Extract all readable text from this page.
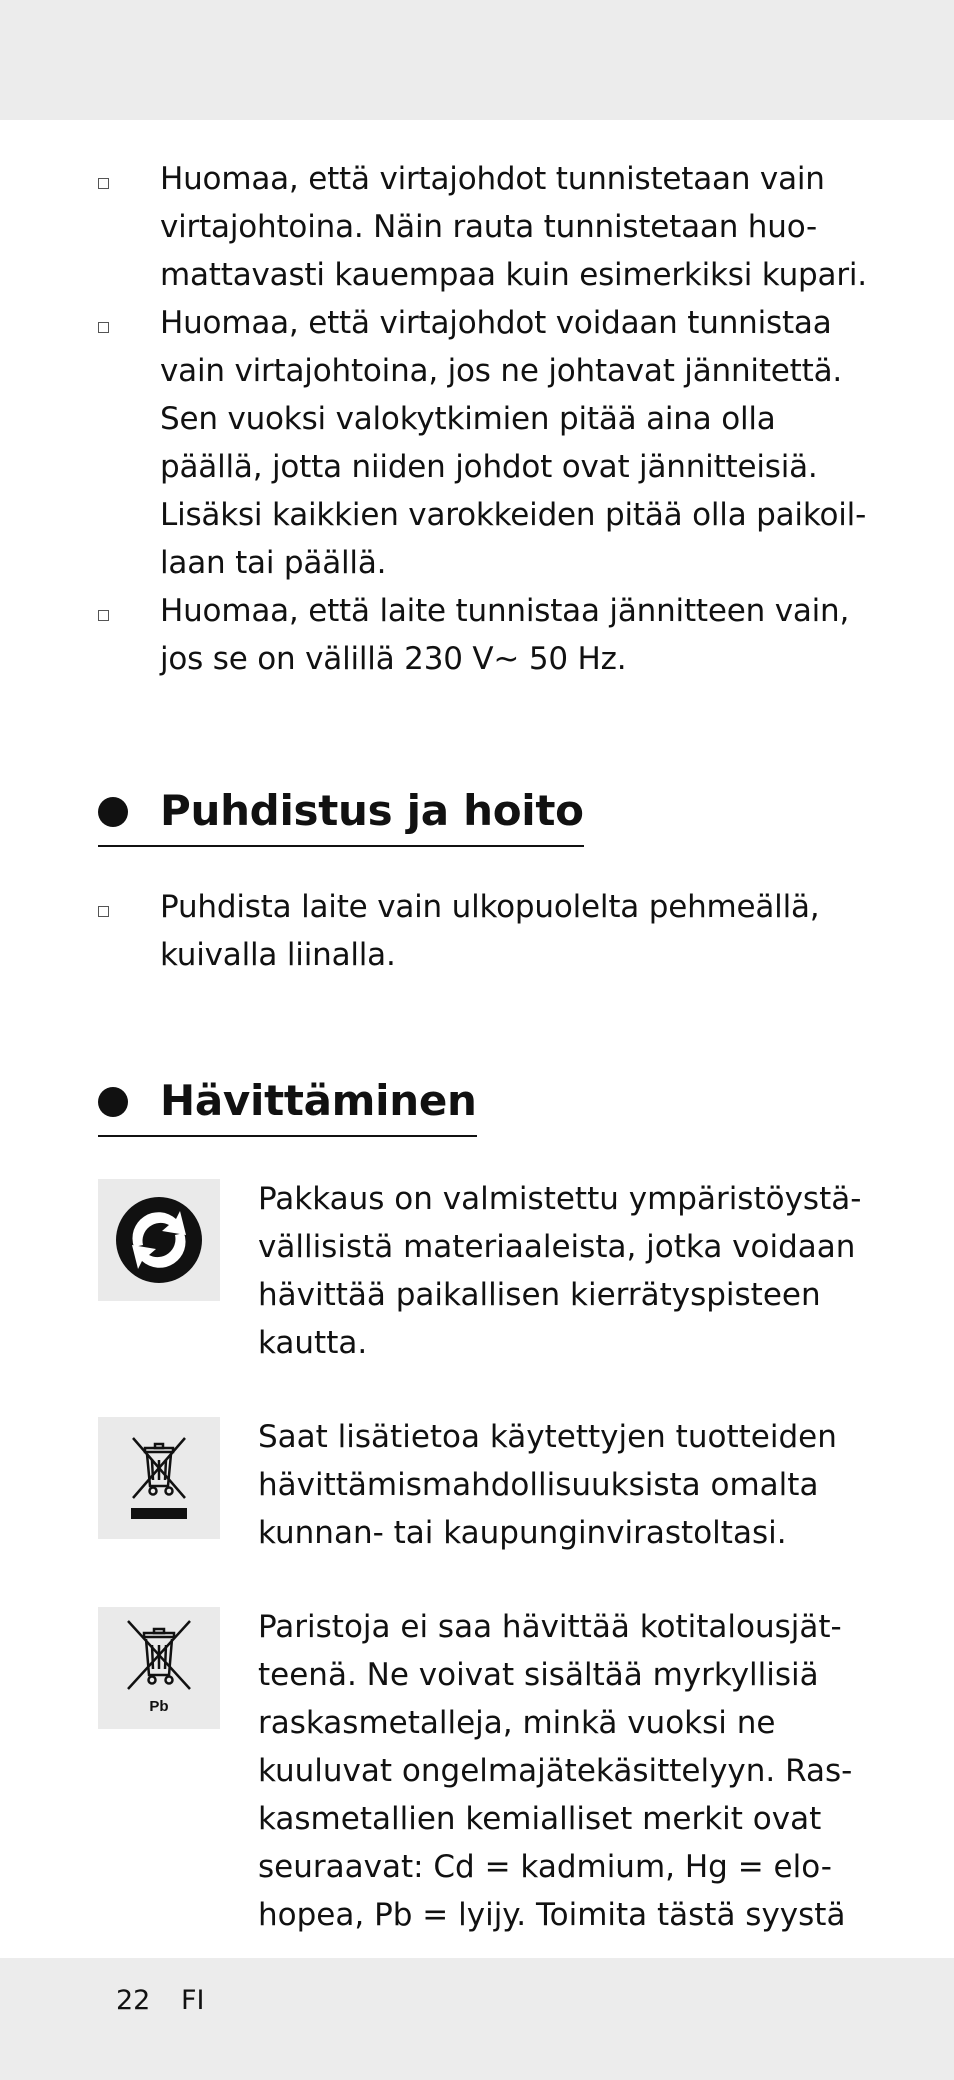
Huomaa, että virtajohdot tunnistetaan vain
virtajohtoina. Näin rauta tunnistetaan huo-
mattavasti kauempaa kuin esimerkiksi kupari.
Huomaa, että virtajohdot voidaan tunnistaa
vain virtajohtoina, jos ne johtavat jännitettä.
Sen vuoksi valokytkimien pitää aina olla
päällä, jotta niiden johdot ovat jännitteisiä.
Lisäksi kaikkien varokkeiden pitää olla paikoil-
laan tai päällä.
Huomaa, että laite tunnistaa jännitteen vain,
jos se on välillä 230 V~ 50 Hz.
Puhdistus ja hoito
Puhdista laite vain ulkopuolelta pehmeällä,
kuivalla liinalla.
Hävittäminen
Pakkaus on valmistettu ympäristöystä-
vällisistä materiaaleista, jotka voidaan
hävittää paikallisen kierrätyspisteen
kautta.
Saat lisätietoa käytettyjen tuotteiden
hävittämismahdollisuuksista omalta
kunnan- tai kaupunginvirastoltasi.
Pb
Paristoja ei saa hävittää kotitalousjät-
teenä. Ne voivat sisältää myrkyllisiä
raskasmetalleja, minkä vuoksi ne
kuuluvat ongelmajätekäsittelyyn. Ras-
kasmetallien kemialliset merkit ovat
seuraavat: Cd = kadmium, Hg = elo-
hopea, Pb = lyijy. Toimita tästä syystä
22 FI
